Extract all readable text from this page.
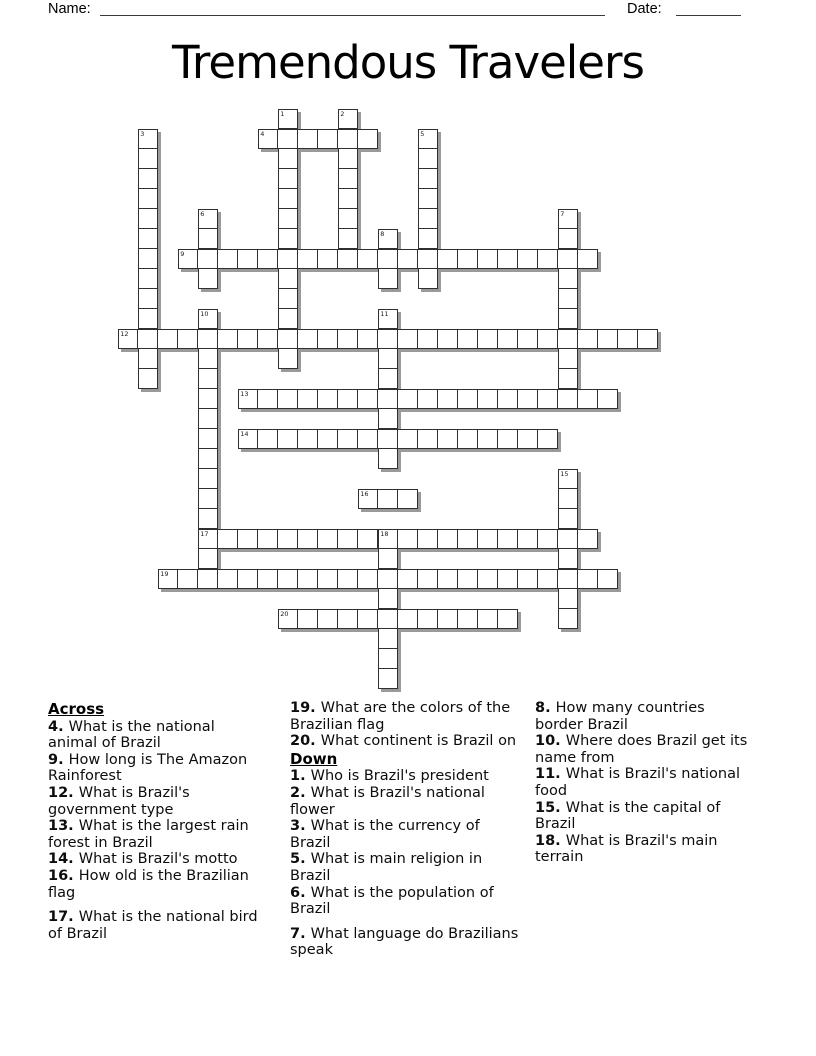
Name:	Date:
Tremendous Travelers
1	2
3	4	5
6	7
8
9
10	11
12
13
14
15
16
17	18
19
20
Across

4. What is the national animal of Brazil

9. How long is The Amazon Rainforest

12. What is Brazil's government type

13. What is the largest rain forest in Brazil

14. What is Brazil's motto

16. How old is the Brazilian flag

17. What is the national bird of Brazil

19. What are the colors of the Brazilian flag

20. What continent is Brazil on

Down

1. Who is Brazil's president

2. What is Brazil's national flower

3. What is the currency of Brazil

5. What is main religion in Brazil

6. What is the population of Brazil

7. What language do Brazilians speak

8. How many countries border Brazil

10. Where does Brazil get its name from

11. What is Brazil's national food

15. What is the capital of Brazil

18. What is Brazil's main terrain
